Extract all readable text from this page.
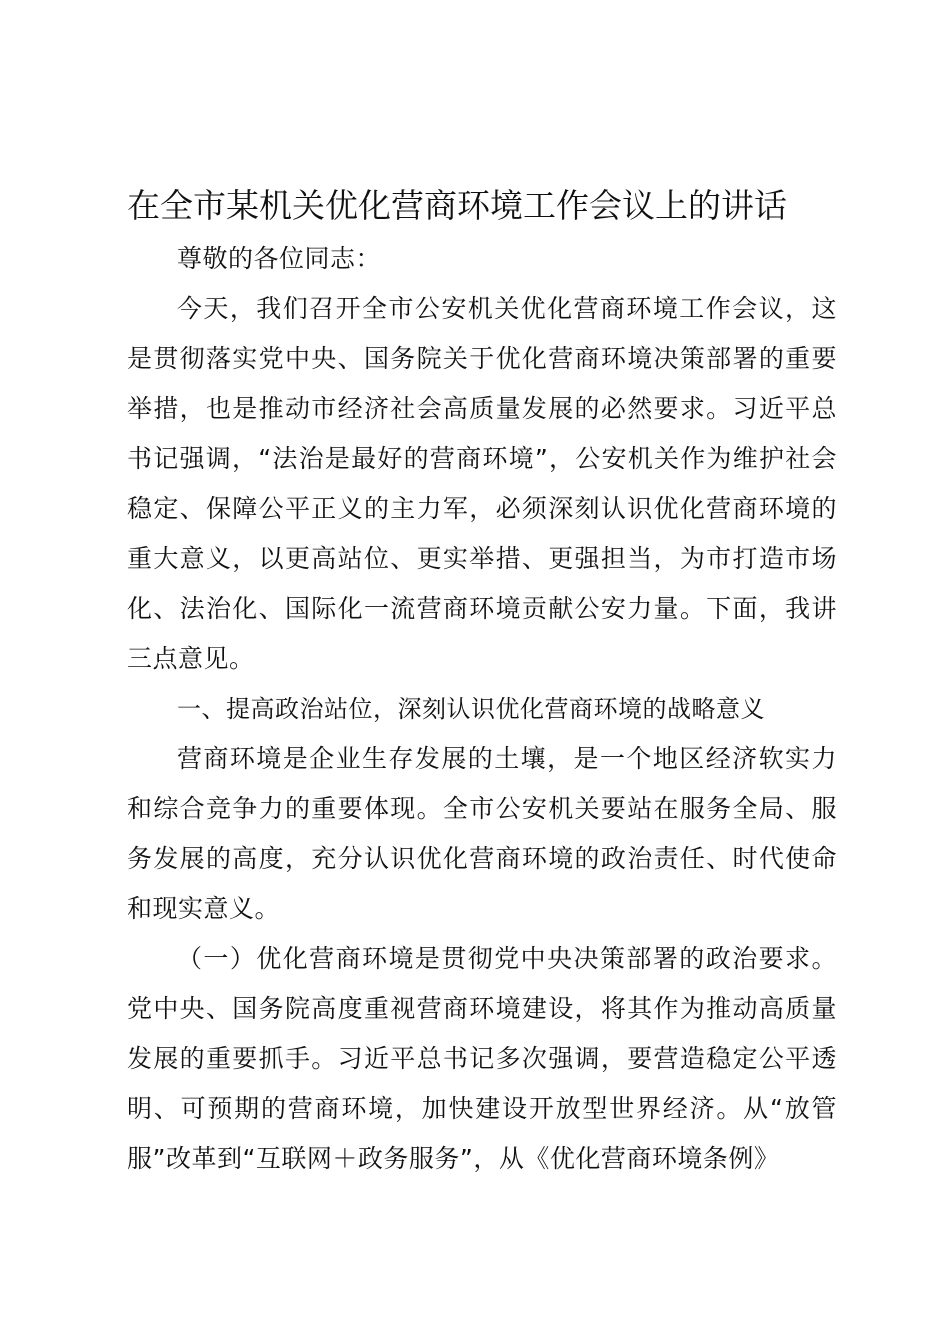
在全市某机关优化营商环境工作会议上的讲话

尊敬的各位同志：

今天，我们召开全市公安机关优化营商环境工作会议，这是贯彻落实党中央、国务院关于优化营商环境决策部署的重要举措，也是推动市经济社会高质量发展的必然要求。习近平总书记强调，“法治是最好的营商环境”，公安机关作为维护社会稳定、保障公平正义的主力军，必须深刻认识优化营商环境的重大意义，以更高站位、更实举措、更强担当，为市打造市场化、法治化、国际化一流营商环境贡献公安力量。下面，我讲三点意见。

一、提高政治站位，深刻认识优化营商环境的战略意义

营商环境是企业生存发展的土壤，是一个地区经济软实力和综合竞争力的重要体现。全市公安机关要站在服务全局、服务发展的高度，充分认识优化营商环境的政治责任、时代使命和现实意义。

（一）优化营商环境是贯彻党中央决策部署的政治要求。党中央、国务院高度重视营商环境建设，将其作为推动高质量发展的重要抓手。习近平总书记多次强调，要营造稳定公平透明、可预期的营商环境，加快建设开放型世界经济。从“放管服”改革到“互联网＋政务服务”，从《优化营商环境条例》
